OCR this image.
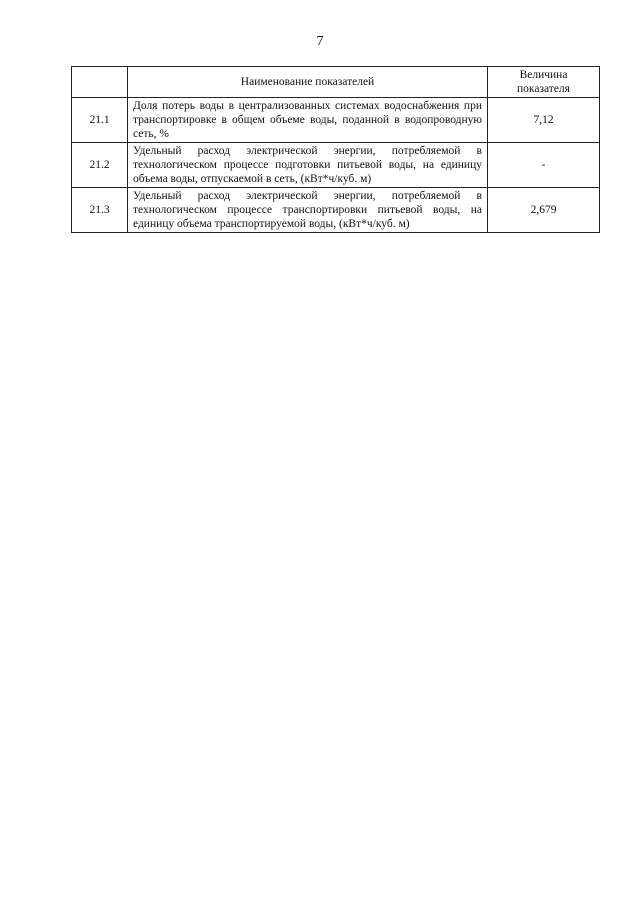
7
	Наименование показателей	Величина показателя
21.1	Доля потерь воды в централизованных системах водоснабжения при транспортировке в общем объеме воды, поданной в водопроводную сеть, %	7,12
21.2	Удельный расход электрической энергии, потребляемой в технологическом процессе подготовки питьевой воды, на единицу объема воды, отпускаемой в сеть, (кВт*ч/куб. м)	-
21.3	Удельный расход электрической энергии, потребляемой в технологическом процессе транспортировки питьевой воды, на единицу объема транспортируемой воды, (кВт*ч/куб. м)	2,679
